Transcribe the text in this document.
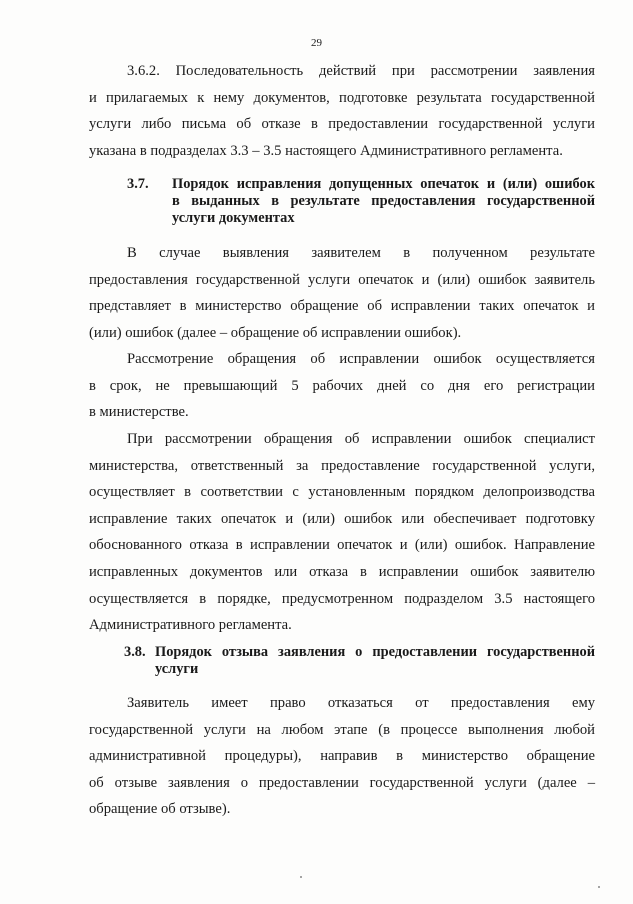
29
3.6.2. Последовательность действий при рассмотрении заявления
и прилагаемых к нему документов, подготовке результата государственной
услуги либо письма об отказе в предоставлении государственной услуги
указана в подразделах 3.3 – 3.5 настоящего Административного регламента.
3.7. Порядок исправления допущенных опечаток и (или) ошибок
в выданных в результате предоставления государственной
услуги документах
В случае выявления заявителем в полученном результате
предоставления государственной услуги опечаток и (или) ошибок заявитель
представляет в министерство обращение об исправлении таких опечаток и
(или) ошибок (далее – обращение об исправлении ошибок).
Рассмотрение обращения об исправлении ошибок осуществляется
в срок, не превышающий 5 рабочих дней со дня его регистрации
в министерстве.
При рассмотрении обращения об исправлении ошибок специалист
министерства, ответственный за предоставление государственной услуги,
осуществляет в соответствии с установленным порядком делопроизводства
исправление таких опечаток и (или) ошибок или обеспечивает подготовку
обоснованного отказа в исправлении опечаток и (или) ошибок. Направление
исправленных документов или отказа в исправлении ошибок заявителю
осуществляется в порядке, предусмотренном подразделом 3.5 настоящего
Административного регламента.
3.8. Порядок отзыва заявления о предоставлении государственной
услуги
Заявитель имеет право отказаться от предоставления ему
государственной услуги на любом этапе (в процессе выполнения любой
административной процедуры), направив в министерство обращение
об отзыве заявления о предоставлении государственной услуги (далее –
обращение об отзыве).
